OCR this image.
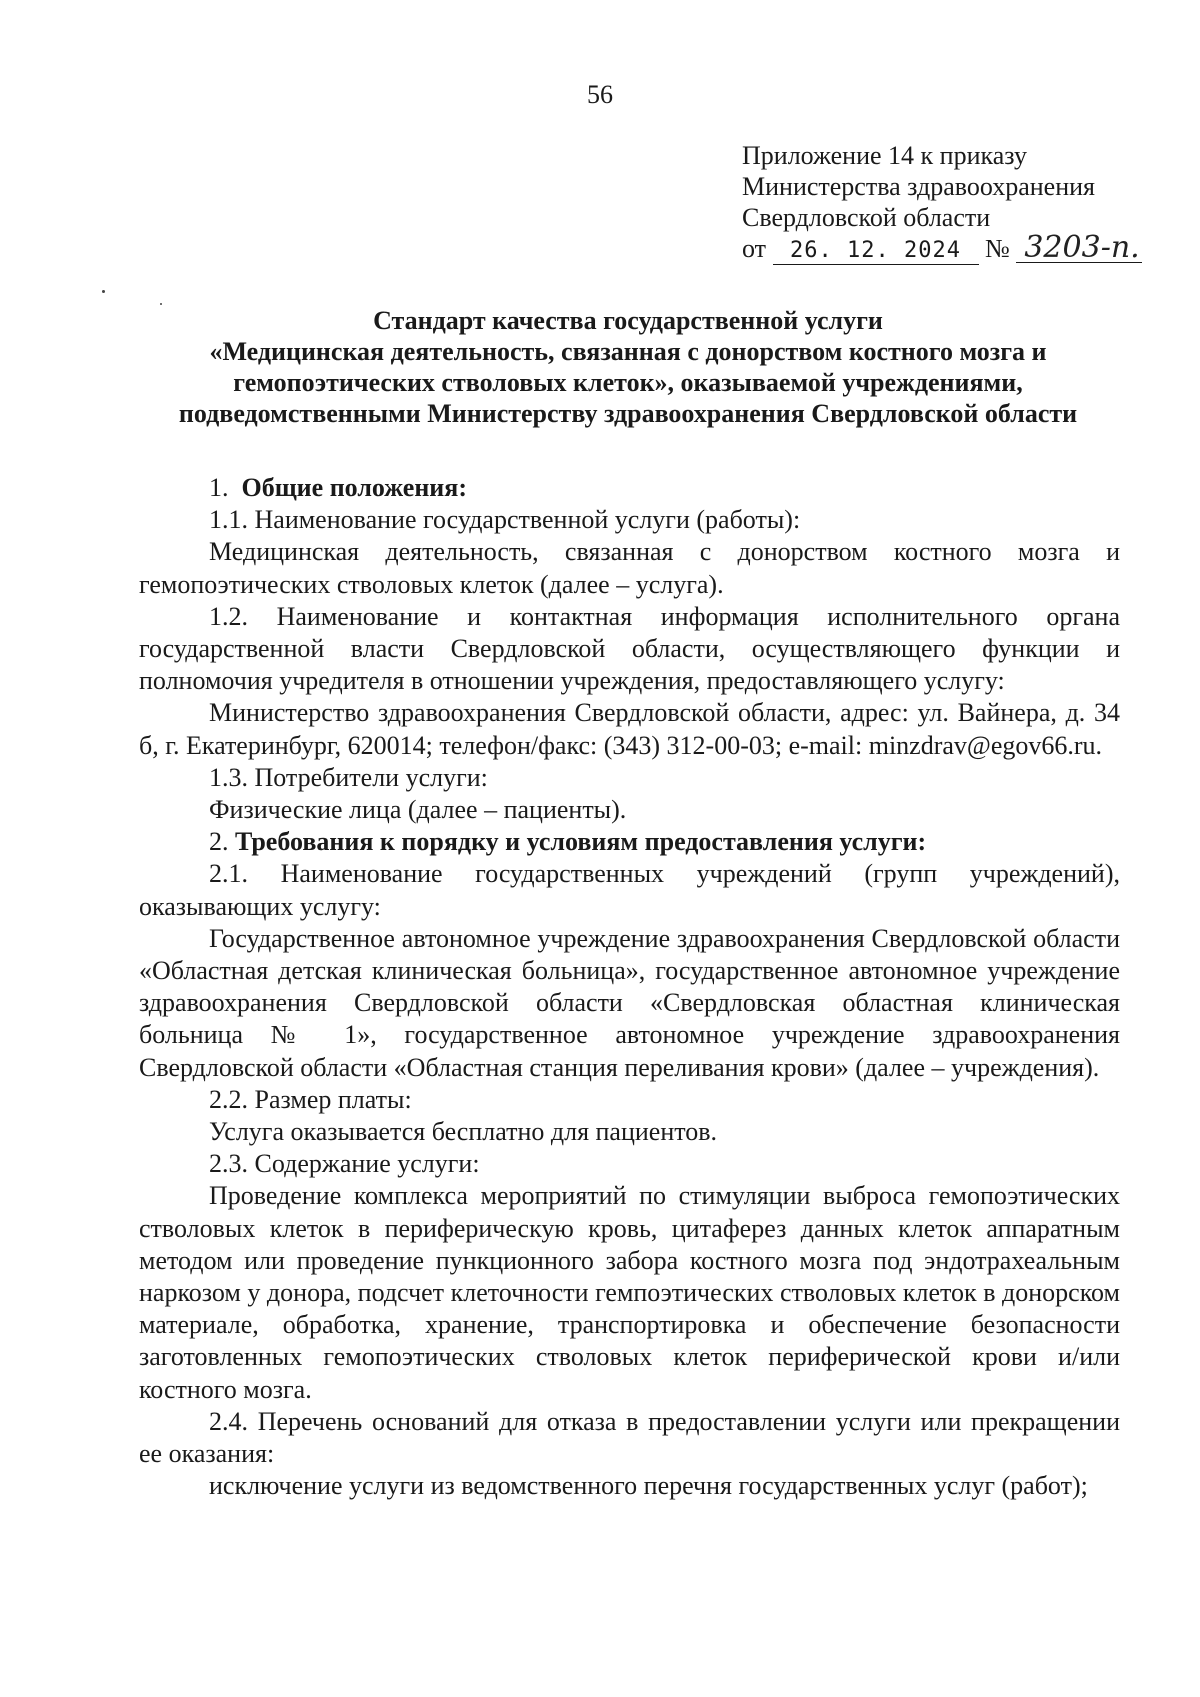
56
Приложение 14 к приказу
Министерства здравоохранения
Свердловской области
от 26. 12. 2024 № 3203-п.
Стандарт качества государственной услуги
«Медицинская деятельность, связанная с донорством костного мозга и
гемопоэтических стволовых клеток», оказываемой учреждениями,
подведомственными Министерству здравоохранения Свердловской области

1. Общие положения:

1.1. Наименование государственной услуги (работы):

Медицинская деятельность, связанная с донорством костного мозга и гемопоэтических стволовых клеток (далее – услуга).

1.2. Наименование и контактная информация исполнительного органа государственной власти Свердловской области, осуществляющего функции и полномочия учредителя в отношении учреждения, предоставляющего услугу:

Министерство здравоохранения Свердловской области, адрес: ул. Вайнера, д. 34 б, г. Екатеринбург, 620014; телефон/факс: (343) 312-00-03; e-mail: minzdrav@egov66.ru.

1.3. Потребители услуги:

Физические лица (далее – пациенты).

2. Требования к порядку и условиям предоставления услуги:

2.1. Наименование государственных учреждений (групп учреждений), оказывающих услугу:

Государственное автономное учреждение здравоохранения Свердловской области «Областная детская клиническая больница», государственное автономное учреждение здравоохранения Свердловской области «Свердловская областная клиническая больница № 1», государственное автономное учреждение здравоохранения Свердловской области «Областная станция переливания крови» (далее – учреждения).

2.2. Размер платы:

Услуга оказывается бесплатно для пациентов.

2.3. Содержание услуги:

Проведение комплекса мероприятий по стимуляции выброса гемопоэтических стволовых клеток в периферическую кровь, цитаферез данных клеток аппаратным методом или проведение пункционного забора костного мозга под эндотрахеальным наркозом у донора, подсчет клеточности гемпоэтических стволовых клеток в донорском материале, обработка, хранение, транспортировка и обеспечение безопасности заготовленных гемопоэтических стволовых клеток периферической крови и/или костного мозга.

2.4. Перечень оснований для отказа в предоставлении услуги или прекращении ее оказания:

исключение услуги из ведомственного перечня государственных услуг (работ);
